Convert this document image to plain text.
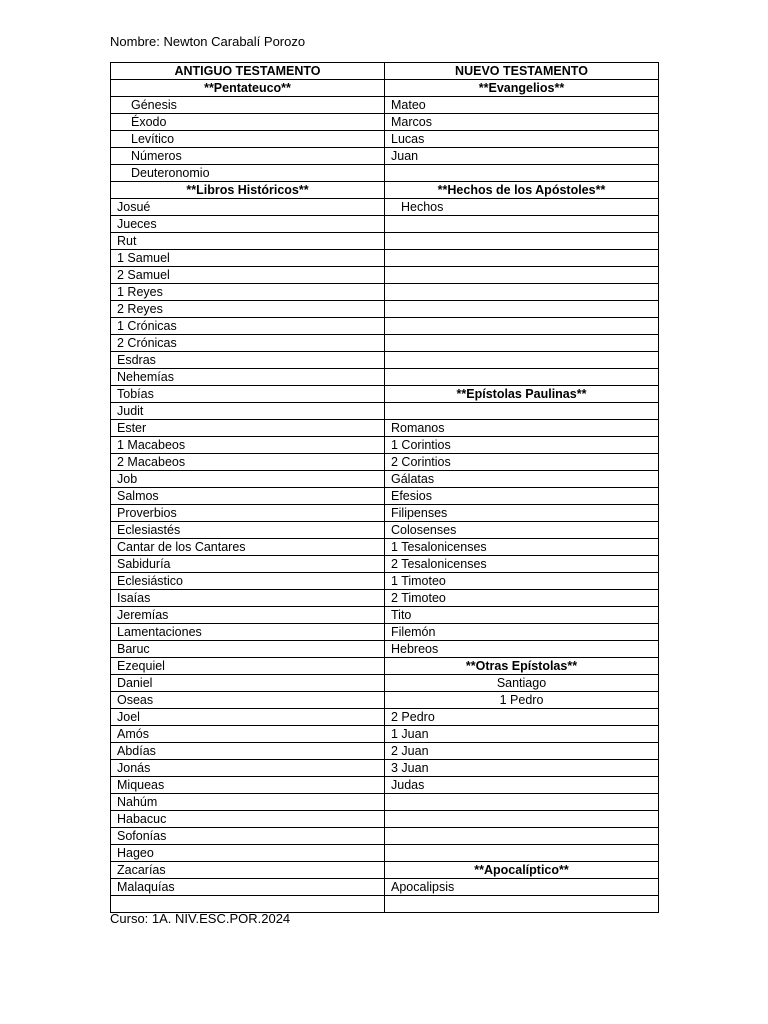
Nombre: Newton Carabalí Porozo
ANTIGUO TESTAMENTO	NUEVO TESTAMENTO
**Pentateuco**	**Evangelios**
Génesis	Mateo
Éxodo	Marcos
Levítico	Lucas
Números	Juan
Deuteronomio	
**Libros Históricos**	**Hechos de los Apóstoles**
Josué	Hechos
Jueces	
Rut	
1 Samuel	
2 Samuel	
1 Reyes	
2 Reyes	
1 Crónicas	
2 Crónicas	
Esdras	
Nehemías	
Tobías	**Epístolas Paulinas**
Judit	
Ester	Romanos
1 Macabeos	1 Corintios
2 Macabeos	2 Corintios
Job	Gálatas
Salmos	Efesios
Proverbios	Filipenses
Eclesiastés	Colosenses
Cantar de los Cantares	1 Tesalonicenses
Sabiduría	2 Tesalonicenses
Eclesiástico	1 Timoteo
Isaías	2 Timoteo
Jeremías	Tito
Lamentaciones	Filemón
Baruc	Hebreos
Ezequiel	**Otras Epístolas**
Daniel	Santiago
Oseas	1 Pedro
Joel	2 Pedro
Amós	1 Juan
Abdías	2 Juan
Jonás	3 Juan
Miqueas	Judas
Nahúm	
Habacuc	
Sofonías	
Hageo	
Zacarías	**Apocalíptico**
Malaquías	Apocalipsis

Curso: 1A. NIV.ESC.POR.2024
